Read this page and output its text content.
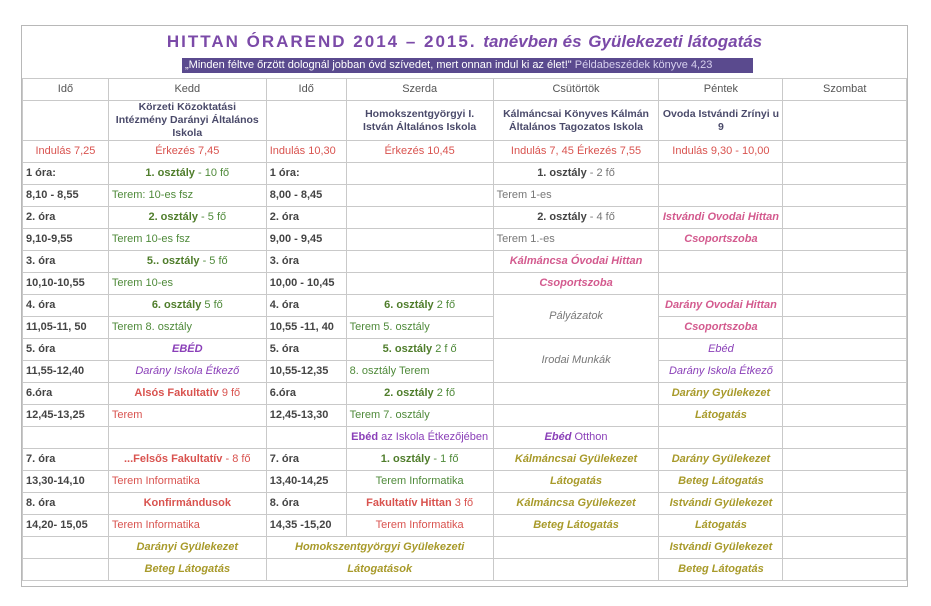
HITTAN ÓRAREND 2014 – 2015. tanévben és Gyülekezeti látogatás
„Minden féltve őrzött dolognál jobban óvd szívedet, mert onnan indul ki az élet!" Példabeszédek könyve 4,23
Idő	Kedd	Idő	Szerda	Csütörtök	Péntek	Szombat
	Körzeti Közoktatási Intézmény Darányi Általános Iskola		Homokszentgyörgyi I. István Általános Iskola	Kálmáncsai Könyves Kálmán Általános Tagozatos Iskola	Ovoda Istvándi Zrínyi u 9	
Indulás 7,25	Érkezés 7,45	Indulás 10,30	Érkezés 10,45	Indulás 7, 45 Érkezés 7,55	Indulás 9,30 - 10,00	
1 óra:	1. osztály - 10 fő	1 óra:		1. osztály - 2 fő		
8,10 - 8,55	Terem: 10-es fsz	8,00 - 8,45		Terem 1-es		
2. óra	2. osztály - 5 fő	2. óra		2. osztály - 4 fő	Istvándi Ovodai Hittan	
9,10-9,55	Terem 10-es fsz	9,00 - 9,45		Terem 1.-es	Csoportszoba	
3. óra	5.. osztály - 5 fő	3. óra		Kálmáncsa Óvodai Hittan		
10,10-10,55	Terem 10-es	10,00 - 10,45		Csoportszoba		
4. óra	6. osztály 5 fő	4. óra	6. osztály 2 fő	Pályázatok	Darány Ovodai Hittan	
11,05-11, 50	Terem 8. osztály	10,55 -11, 40	Terem 5. osztály		Csoportszoba	
5. óra	EBÉD	5. óra	5. osztály 2 f ő	Irodai Munkák	Ebéd	
11,55-12,40	Darány Iskola Étkező	10,55-12,35	8. osztály Terem		Darány Iskola Étkező	
6.óra	Alsós Fakultatív 9 fő	6.óra	2. osztály 2 fő		Darány Gyülekezet	
12,45-13,25	Terem	12,45-13,30	Terem 7. osztály		Látogatás	
			Ebéd az Iskola Étkezőjében	Ebéd Otthon		
7. óra	...Felsős Fakultatív - 8 fő	7. óra	1. osztály - 1 fő	Kálmáncsai Gyülekezet	Darány Gyülekezet	
13,30-14,10	Terem Informatika	13,40-14,25	Terem Informatika	Látogatás	Beteg Látogatás	
8. óra	Konfirmándusok	8. óra	Fakultatív Hittan 3 fő	Kálmáncsa Gyülekezet	Istvándi Gyülekezet	
14,20- 15,05	Terem Informatika	14,35 -15,20	Terem Informatika	Beteg Látogatás	Látogatás	
	Darányi Gyülekezet	Homokszentgyörgyi Gyülekezeti			Istvándi Gyülekezet	
	Beteg Látogatás	Látogatások			Beteg Látogatás	
